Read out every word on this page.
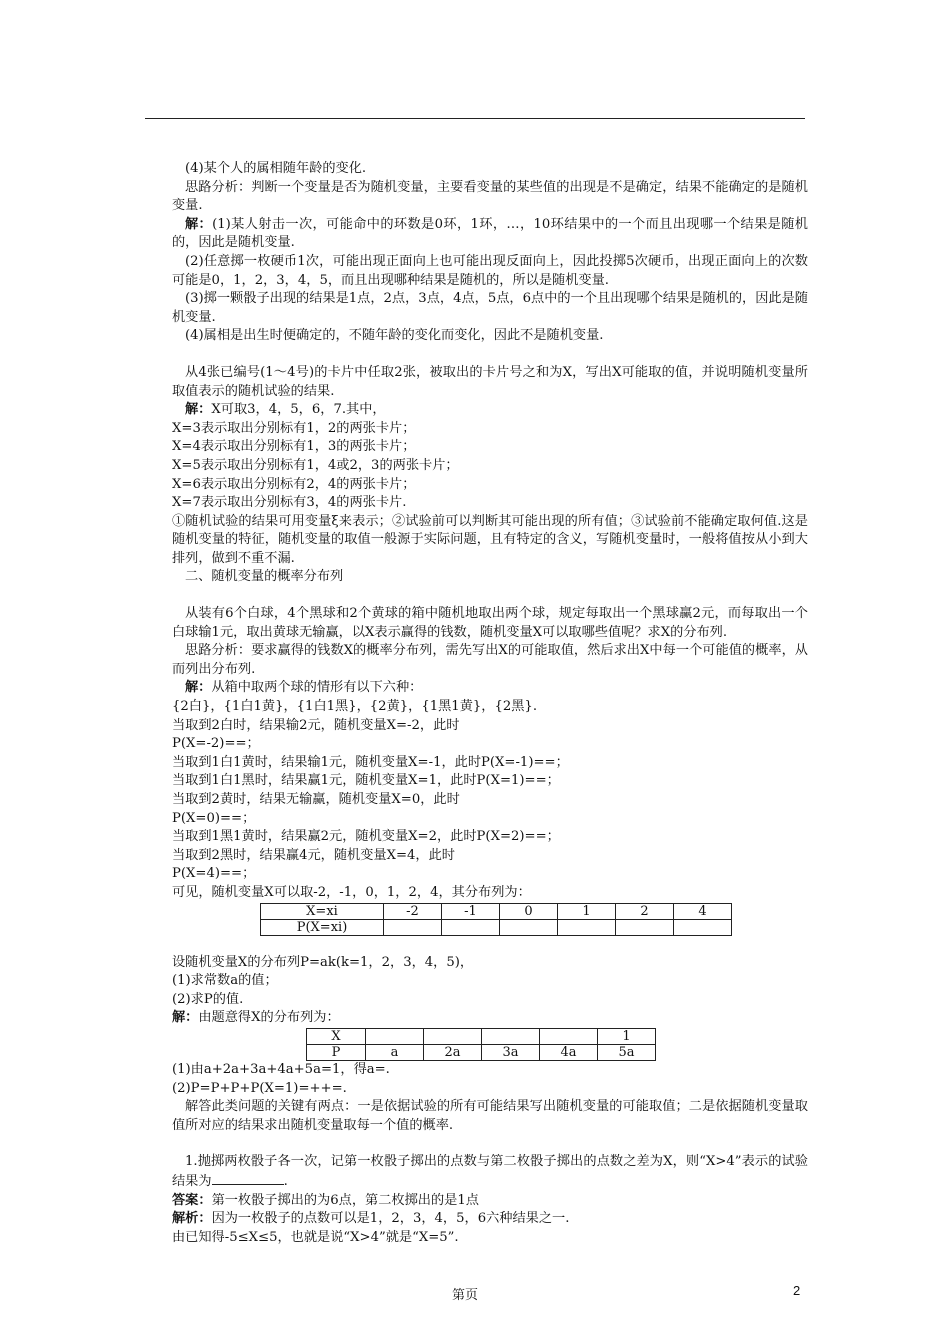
(4)某个人的属相随年龄的变化.

思路分析：判断一个变量是否为随机变量，主要看变量的某些值的出现是不是确定，结果不能确定的是随机变量.

解：(1)某人射击一次，可能命中的环数是0环，1环，…，10环结果中的一个而且出现哪一个结果是随机的，因此是随机变量.

(2)任意掷一枚硬币1次，可能出现正面向上也可能出现反面向上，因此投掷5次硬币，出现正面向上的次数可能是0，1，2，3，4，5，而且出现哪种结果是随机的，所以是随机变量.

(3)掷一颗骰子出现的结果是1点，2点，3点，4点，5点，6点中的一个且出现哪个结果是随机的，因此是随机变量.

(4)属相是出生时便确定的，不随年龄的变化而变化，因此不是随机变量.

从4张已编号(1～4号)的卡片中任取2张，被取出的卡片号之和为X，写出X可能取的值，并说明随机变量所取值表示的随机试验的结果.

解：X可取3，4，5，6，7.其中，

X=3表示取出分别标有1，2的两张卡片；

X=4表示取出分别标有1，3的两张卡片；

X=5表示取出分别标有1，4或2，3的两张卡片；

X=6表示取出分别标有2，4的两张卡片；

X=7表示取出分别标有3，4的两张卡片.

①随机试验的结果可用变量ξ来表示；②试验前可以判断其可能出现的所有值；③试验前不能确定取何值.这是随机变量的特征，随机变量的取值一般源于实际问题，且有特定的含义，写随机变量时，一般将值按从小到大排列，做到不重不漏.

二、随机变量的概率分布列

从装有6个白球，4个黑球和2个黄球的箱中随机地取出两个球，规定每取出一个黑球赢2元，而每取出一个白球输1元，取出黄球无输赢，以X表示赢得的钱数，随机变量X可以取哪些值呢？求X的分布列.

思路分析：要求赢得的钱数X的概率分布列，需先写出X的可能取值，然后求出X中每一个可能值的概率，从而列出分布列.

解：从箱中取两个球的情形有以下六种：

{2白}，{1白1黄}，{1白1黑}，{2黄}，{1黑1黄}，{2黑}.

当取到2白时，结果输2元，随机变量X=-2，此时

P(X=-2)==；

当取到1白1黄时，结果输1元，随机变量X=-1，此时P(X=-1)==；

当取到1白1黑时，结果赢1元，随机变量X=1，此时P(X=1)==；

当取到2黄时，结果无输赢，随机变量X=0，此时

P(X=0)==；

当取到1黑1黄时，结果赢2元，随机变量X=2，此时P(X=2)==；

当取到2黑时，结果赢4元，随机变量X=4，此时

P(X=4)==；

可见，随机变量X可以取-2，-1，0，1，2，4，其分布列为：

X=xi	-2	-1	0	1	2	4
P(X=xi)						

设随机变量X的分布列P=ak(k=1，2，3，4，5)，

(1)求常数a的值；

(2)求P的值.

解：由题意得X的分布列为：

X					1
P	a	2a	3a	4a	5a

(1)由a+2a+3a+4a+5a=1，得a=.

(2)P=P+P+P(X=1)=++=.

解答此类问题的关键有两点：一是依据试验的所有可能结果写出随机变量的可能取值；二是依据随机变量取值所对应的结果求出随机变量取每一个值的概率.

1.抛掷两枚骰子各一次，记第一枚骰子掷出的点数与第二枚骰子掷出的点数之差为X，则“X>4”表示的试验结果为	.

答案：第一枚骰子掷出的为6点，第二枚掷出的是1点

解析：因为一枚骰子的点数可以是1，2，3，4，5，6六种结果之一.

由已知得-5≤X≤5，也就是说“X>4”就是“X=5”.

第页	2
